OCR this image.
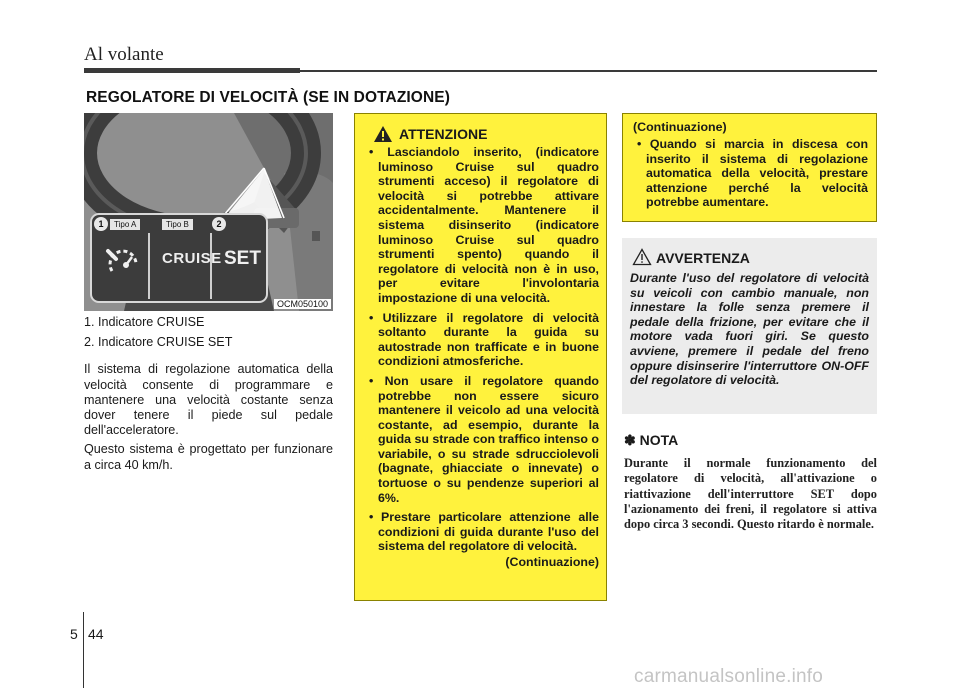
Al volante
REGOLATORE DI VELOCITÀ (SE IN DOTAZIONE)
1	Tipo A	Tipo B	2
CRUISE SET
OCM050100

1. Indicatore CRUISE

2. Indicatore CRUISE SET

Il sistema di regolazione automatica della velocità consente di programmare e mantenere una velocità costante senza dover tenere il piede sul pedale dell'acceleratore.

Questo sistema è progettato per funzionare a circa 40 km/h.

ATTENZIONE
• Lasciandolo inserito, (indicatore luminoso Cruise sul quadro strumenti acceso) il regolatore di velocità si potrebbe attivare accidentalmente. Mantenere il sistema disinserito (indicatore luminoso Cruise sul quadro strumenti spento) quando il regolatore di velocità non è in uso, per evitare l'involontaria impostazione di una velocità.
• Utilizzare il regolatore di velocità soltanto durante la guida su autostrade non trafficate e in buone condizioni atmosferiche.
• Non usare il regolatore quando potrebbe non essere sicuro mantenere il veicolo ad una velocità costante, ad esempio, durante la guida su strade con traffico intenso o variabile, o su strade sdrucciolevoli (bagnate, ghiacciate o innevate) o tortuose o su pendenze superiori al 6%.
• Prestare particolare attenzione alle condizioni di guida durante l'uso del sistema del regolatore di velocità.
(Continuazione)
(Continuazione)
• Quando si marcia in discesa con inserito il sistema di regolazione automatica della velocità, prestare attenzione perché la velocità potrebbe aumentare.
AVVERTENZA
Durante l'uso del regolatore di velocità su veicoli con cambio manuale, non innestare la folle senza premere il pedale della frizione, per evitare che il motore vada fuori giri. Se questo avviene, premere il pedale del freno oppure disinserire l'interruttore ON-OFF del regolatore di velocità.
✽ NOTA
Durante il normale funzionamento del regolatore di velocità, all'attivazione o riattivazione dell'interruttore SET dopo l'azionamento dei freni, il regolatore si attiva dopo circa 3 secondi. Questo ritardo è normale.
5 44
carmanualsonline.info
